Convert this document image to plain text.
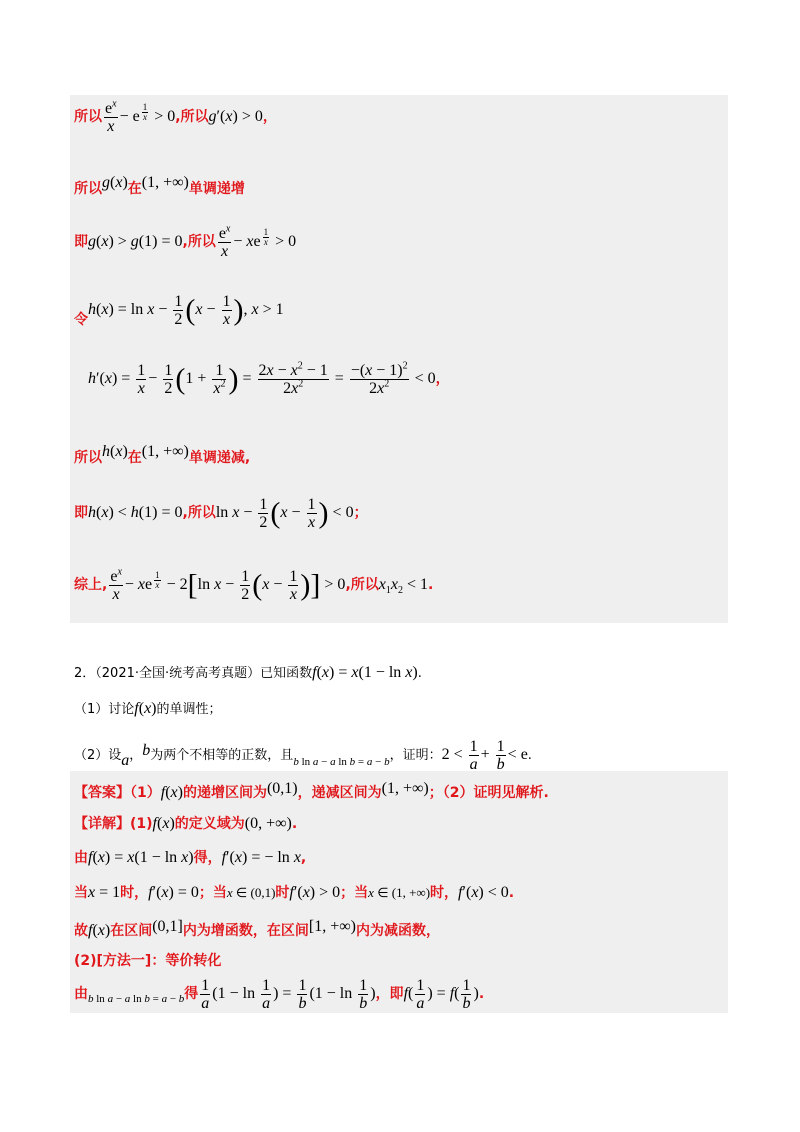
所以 $\frac{e^x}{x} - e$ $^{\frac{1}{x}}$ > 0,所以g′(x) > 0，
所以g(x)在(1, +∞)单调递增
即g(x) > g(1) = 0,所以 $\frac{e^x}{x}$ − xe $^{\frac{1}{x}}$ > 0
令$h(x) = \ln x - \frac{1}{2} (x - \frac{1}{x}$ ), x > 1
$h'(x) = \frac{1}{x} - \frac{1}{2} (1 + \frac{1}{x^2}$ ) = $\frac{2x - x^2 - 1}{2x^2} = \frac{-(x - 1)^2}{2x^2} < 0$，
所以h(x)在(1, +∞)单调递减,
即h(x) < h(1) = 0,所以$\ln x - \frac{1}{2} (x - \frac{1}{x}$ ) < 0；
综上, $\frac{e^x}{x}$ − xe $^{\frac{1}{x}}$ − 2[ln $x - \frac{1}{2} (x - \frac{1}{x}$ )] > 0,所以$x_1x_2 < 1$.
2．（2021·全国·统考高考真题）已知函数f(x) = x(1 − ln x).
（1）讨论f(x)的单调性；
（2）设a，b为两个不相等的正数，且$_{b ln a - a ln b = a - b}$，证明：$2 < \frac{1}{a} + \frac{1}{b} < e$.
【答案】（1）f(x)的递增区间为(0,1)，递减区间为(1, +∞)；（2）证明见解析.
【详解】(1)f(x)的定义域为(0, +∞).
由f(x) = x(1 − ln x)得，f′(x) = − ln x,
当x = 1时，f′(x) = 0；当x ∈ (0,1)时f′(x) > 0；当x ∈ (1, +∞)时，f′(x) < 0.
故f(x)在区间(0,1]内为增函数，在区间[1, +∞)内为减函数，
(2)[方法一]：等价转化
由$_{b ln a - a ln b = a - b}$得 $\frac{1}{a} (1 - \ln \frac{1}{a}$ ) = $\frac{1}{b} (1 - \ln \frac{1}{b}$ )，即$f( \frac{1}{a}$ ) = $f( \frac{1}{b}$ ).
